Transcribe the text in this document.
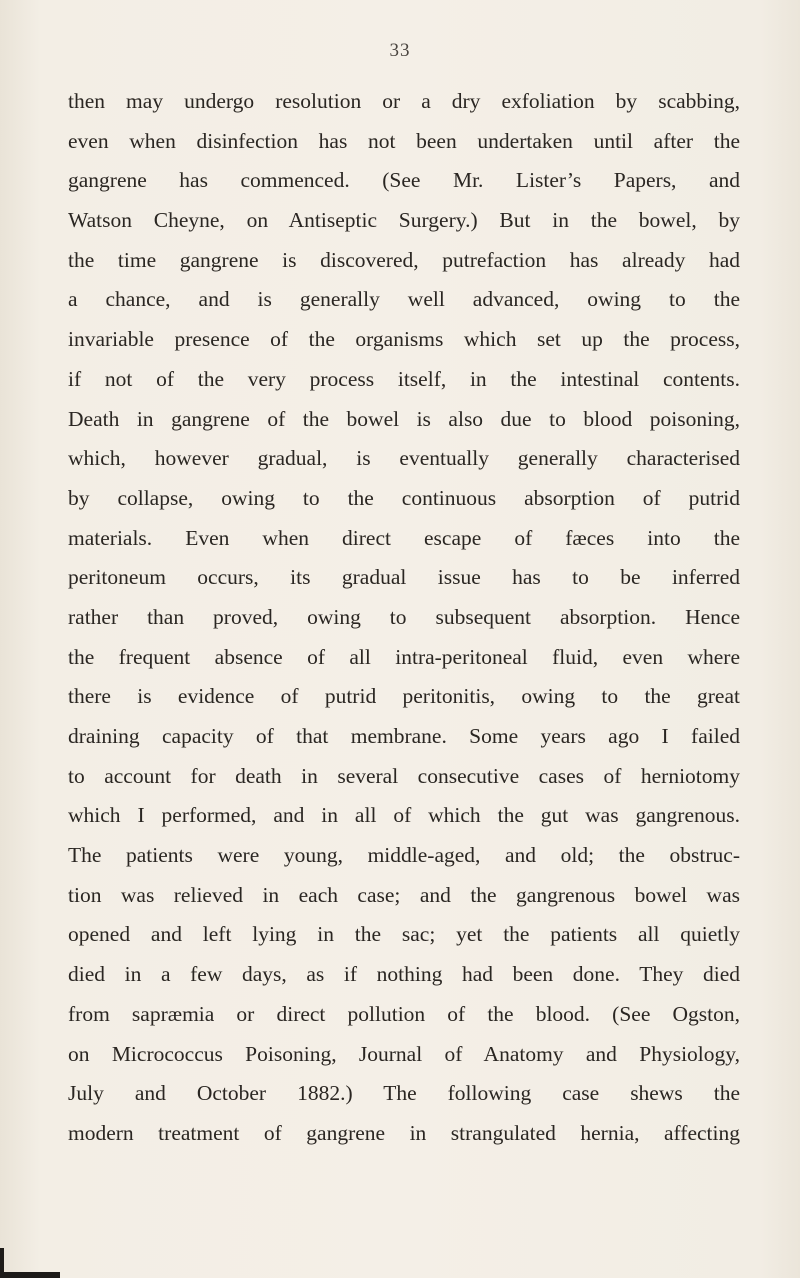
33
then may undergo resolution or a dry exfoliation by scabbing,
even when disinfection has not been undertaken until after the
gangrene has commenced. (See Mr. Lister’s Papers, and
Watson Cheyne, on Antiseptic Surgery.) But in the bowel, by
the time gangrene is discovered, putrefaction has already had
a chance, and is generally well advanced, owing to the
invariable presence of the organisms which set up the process,
if not of the very process itself, in the intestinal contents.
Death in gangrene of the bowel is also due to blood poisoning,
which, however gradual, is eventually generally characterised
by collapse, owing to the continuous absorption of putrid
materials. Even when direct escape of fæces into the
peritoneum occurs, its gradual issue has to be inferred
rather than proved, owing to subsequent absorption. Hence
the frequent absence of all intra-peritoneal fluid, even where
there is evidence of putrid peritonitis, owing to the great
draining capacity of that membrane. Some years ago I failed
to account for death in several consecutive cases of herniotomy
which I performed, and in all of which the gut was gangrenous.
The patients were young, middle-aged, and old; the obstruc-
tion was relieved in each case; and the gangrenous bowel was
opened and left lying in the sac; yet the patients all quietly
died in a few days, as if nothing had been done. They died
from sapræmia or direct pollution of the blood. (See Ogston,
on Micrococcus Poisoning, Journal of Anatomy and Physiology,
July and October 1882.) The following case shews the
modern treatment of gangrene in strangulated hernia, affecting
